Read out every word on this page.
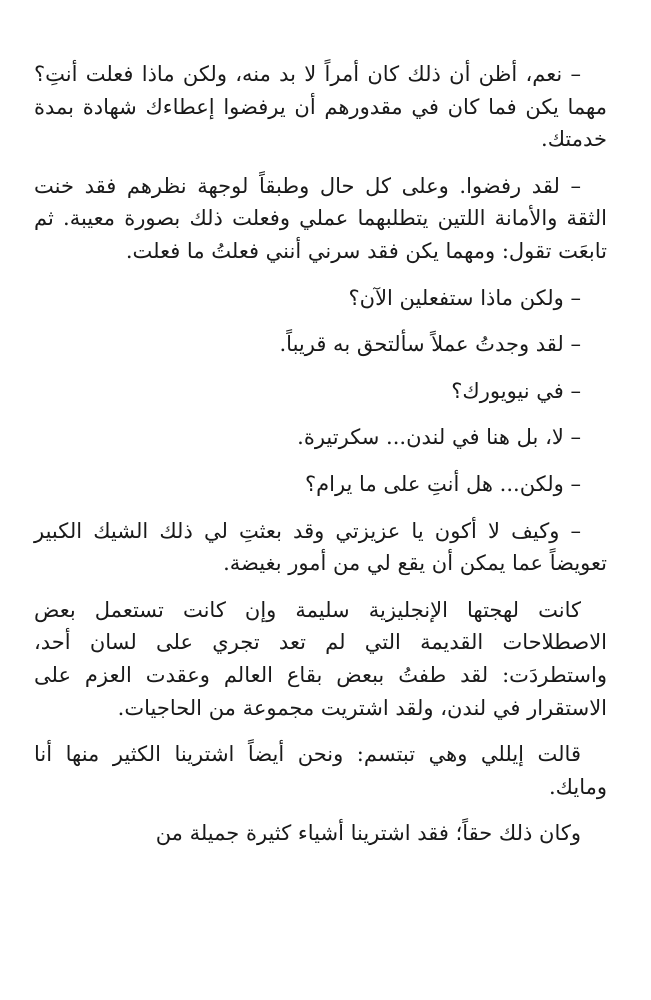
– نعم، أظن أن ذلك كان أمراً لا بد منه، ولكن ماذا فعلت أنتِ؟ مهما يكن فما كان في مقدورهم أن يرفضوا إعطاءك شهادة بمدة خدمتك.

– لقد رفضوا. وعلى كل حال وطبقاً لوجهة نظرهم فقد خنت الثقة والأمانة اللتين يتطلبهما عملي وفعلت ذلك بصورة معيبة. ثم تابعَت تقول: ومهما يكن فقد سرني أنني فعلتُ ما فعلت.

– ولكن ماذا ستفعلين الآن؟

– لقد وجدتُ عملاً سألتحق به قريباً.

– في نيويورك؟

– لا، بل هنا في لندن... سكرتيرة.

– ولكن... هل أنتِ على ما يرام؟

– وكيف لا أكون يا عزيزتي وقد بعثتِ لي ذلك الشيك الكبير تعويضاً عما يمكن أن يقع لي من أمور بغيضة.

كانت لهجتها الإنجليزية سليمة وإن كانت تستعمل بعض الاصطلاحات القديمة التي لم تعد تجري على لسان أحد، واستطردَت: لقد طفتُ ببعض بقاع العالم وعقدت العزم على الاستقرار في لندن، ولقد اشتريت مجموعة من الحاجيات.

قالت إيللي وهي تبتسم: ونحن أيضاً اشترينا الكثير منها أنا ومايك.

وكان ذلك حقاً؛ فقد اشترينا أشياء كثيرة جميلة من
